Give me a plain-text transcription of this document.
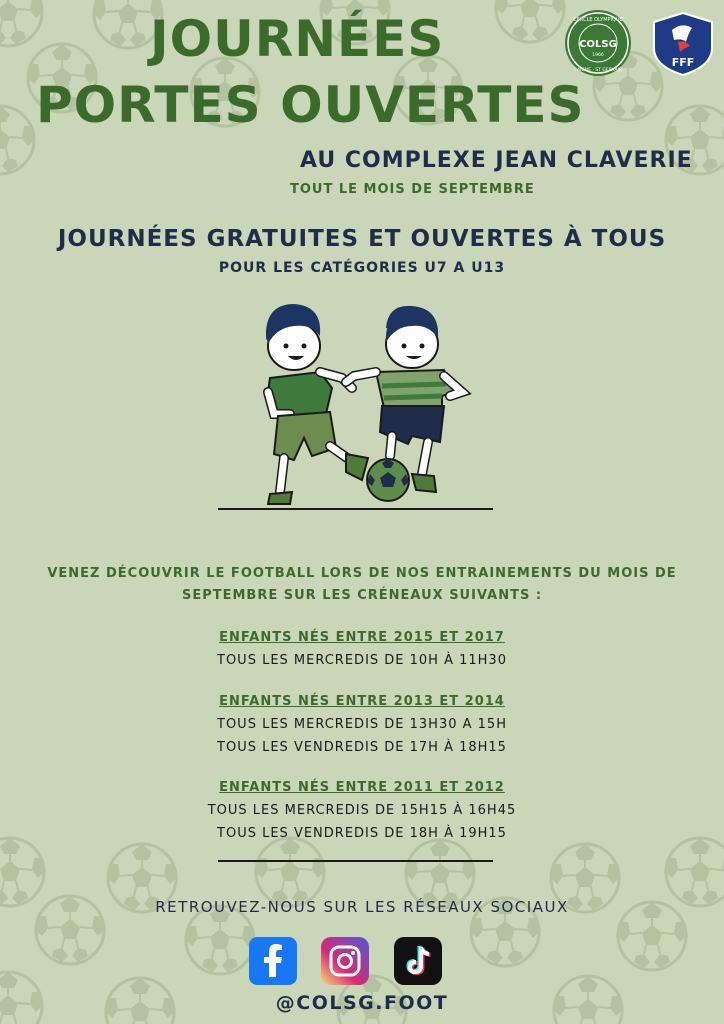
CERCLE OLYMPIQUE
COLSG
1966
LAIGNE · ST GERVAIS
FFF
JOURNÉES
PORTES OUVERTES
AU COMPLEXE JEAN CLAVERIE
TOUT LE MOIS DE SEPTEMBRE
JOURNÉES GRATUITES ET OUVERTES À TOUS
POUR LES CATÉGORIES U7 A U13
VENEZ DÉCOUVRIR LE FOOTBALL LORS DE NOS ENTRAINEMENTS DU MOIS DE
SEPTEMBRE SUR LES CRÉNEAUX SUIVANTS :
ENFANTS NÉS ENTRE 2015 ET 2017
TOUS LES MERCREDIS DE 10H À 11H30
ENFANTS NÉS ENTRE 2013 ET 2014
TOUS LES MERCREDIS DE 13H30 A 15H
TOUS LES VENDREDIS DE 17H À 18H15
ENFANTS NÉS ENTRE 2011 ET 2012
TOUS LES MERCREDIS DE 15H15 À 16H45
TOUS LES VENDREDIS DE 18H À 19H15
RETROUVEZ-NOUS SUR LES RÉSEAUX SOCIAUX
@COLSG.FOOT
